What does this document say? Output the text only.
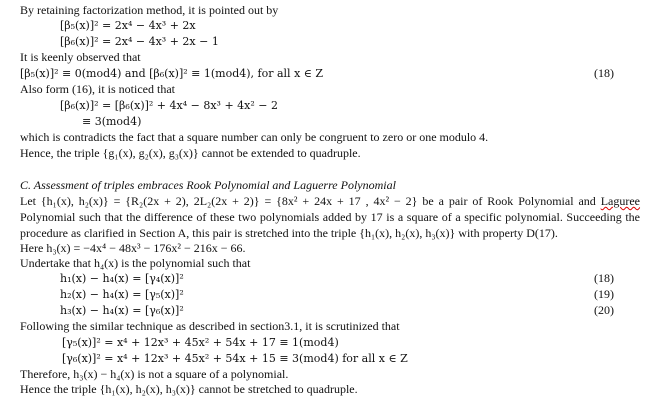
By retaining factorization method, it is pointed out by
[β₅(x)]² = 2x⁴ − 4x³ + 2x
[β₆(x)]² = 2x⁴ − 4x³ + 2x − 1
It is keenly observed that
[β₅(x)]² ≡ 0(mod4) and [β₆(x)]² ≡ 1(mod4), for all x ∈ Z	(18)
Also form (16), it is noticed that
[β₆(x)]² = [β₆(x)]² + 4x⁴ − 8x³ + 4x² − 2
≡ 3(mod4)
which is contradicts the fact that a square number can only be congruent to zero or one modulo 4.
Hence, the triple {g₁(x), g₂(x), g₃(x)} cannot be extended to quadruple.
C. Assessment of triples embraces Rook Polynomial and Laguerre Polynomial
Let {h₁(x), h₂(x)} = {R₂(2x + 2), 2L₂(2x + 2)} = {8x² + 24x + 17 , 4x² − 2} be a pair of Rook Polynomial and Laguree
Polynomial such that the difference of these two polynomials added by 17 is a square of a specific polynomial. Succeeding the
procedure as clarified in Section A, this pair is stretched into the triple {h₁(x), h₂(x), h₃(x)} with property D(17).
Here h₃(x) = −4x⁴ − 48x³ − 176x² − 216x − 66.
Undertake that h₄(x) is the polynomial such that
h₁(x) − h₄(x) = [γ₄(x)]²	(18)
h₂(x) − h₄(x) = [γ₅(x)]²	(19)
h₃(x) − h₄(x) = [γ₆(x)]²	(20)
Following the similar technique as described in section3.1, it is scrutinized that
[γ₅(x)]² = x⁴ + 12x³ + 45x² + 54x + 17 ≡ 1(mod4)
[γ₆(x)]² = x⁴ + 12x³ + 45x² + 54x + 15 ≡ 3(mod4) for all x ∈ Z
Therefore, h₃(x) − h₄(x) is not a square of a polynomial.
Hence the triple {h₁(x), h₂(x), h₃(x)} cannot be stretched to quadruple.
